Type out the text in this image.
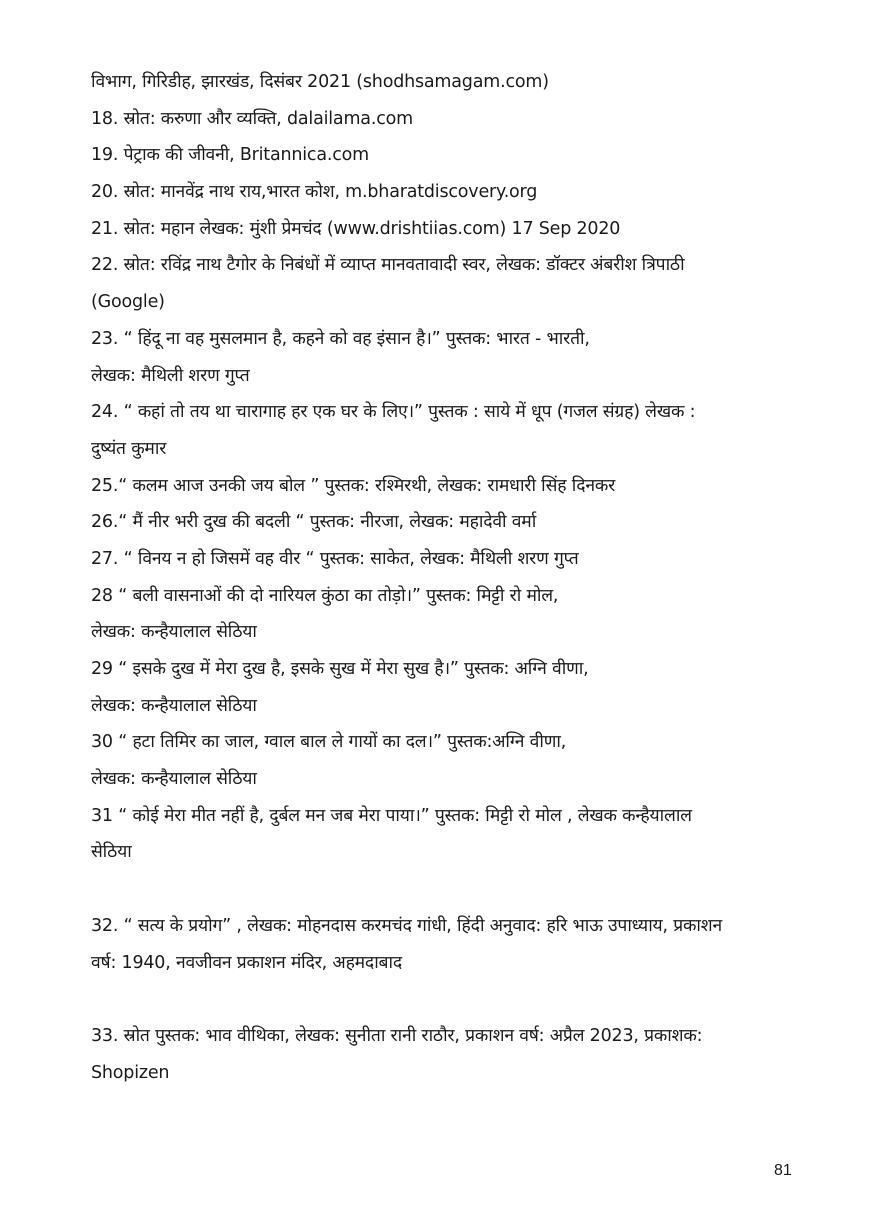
विभाग, गिरिडीह, झारखंड, दिसंबर 2021 (shodhsamagam.com)
18. स्रोत: करुणा और व्यक्ति, dalailama.com
19. पेट्राक की जीवनी, Britannica.com
20. स्रोत: मानवेंद्र नाथ राय,भारत कोश, m.bharatdiscovery.org
21. स्रोत: महान लेखक: मुंशी प्रेमचंद (www.drishtiias.com) 17 Sep 2020
22. स्रोत: रविंद्र नाथ टैगोर के निबंधों में व्याप्त मानवतावादी स्वर, लेखक: डॉक्टर अंबरीश त्रिपाठी
(Google)
23. “ हिंदू ना वह मुसलमान है, कहने को वह इंसान है।” पुस्तक: भारत - भारती,
लेखक: मैथिली शरण गुप्त
24. “ कहां तो तय था चारागाह हर एक घर के लिए।” पुस्तक : साये में धूप (गजल संग्रह) लेखक :
दुष्यंत कुमार
25.“ कलम आज उनकी जय बोल ” पुस्तक: रश्मिरथी, लेखक: रामधारी सिंह दिनकर
26.“ मैं नीर भरी दुख की बदली “ पुस्तक: नीरजा, लेखक: महादेवी वर्मा
27. “ विनय न हो जिसमें वह वीर “ पुस्तक: साकेत, लेखक: मैथिली शरण गुप्त
28 “ बली वासनाओं की दो नारियल कुंठा का तोड़ो।” पुस्तक: मिट्टी रो मोल,
लेखक: कन्हैयालाल सेठिया
29 “ इसके दुख में मेरा दुख है, इसके सुख में मेरा सुख है।” पुस्तक: अग्नि वीणा,
लेखक: कन्हैयालाल सेठिया
30 “ हटा तिमिर का जाल, ग्वाल बाल ले गायों का दल।” पुस्तक:अग्नि वीणा,
लेखक: कन्हैयालाल सेठिया
31 “ कोई मेरा मीत नहीं है, दुर्बल मन जब मेरा पाया।” पुस्तक: मिट्टी रो मोल , लेखक कन्हैयालाल
सेठिया
32. “ सत्य के प्रयोग” , लेखक: मोहनदास करमचंद गांधी, हिंदी अनुवाद: हरि भाऊ उपाध्याय, प्रकाशन
वर्ष: 1940, नवजीवन प्रकाशन मंदिर, अहमदाबाद
33. स्रोत पुस्तक: भाव वीथिका, लेखक: सुनीता रानी राठौर, प्रकाशन वर्ष: अप्रैल 2023, प्रकाशक:
Shopizen
81
